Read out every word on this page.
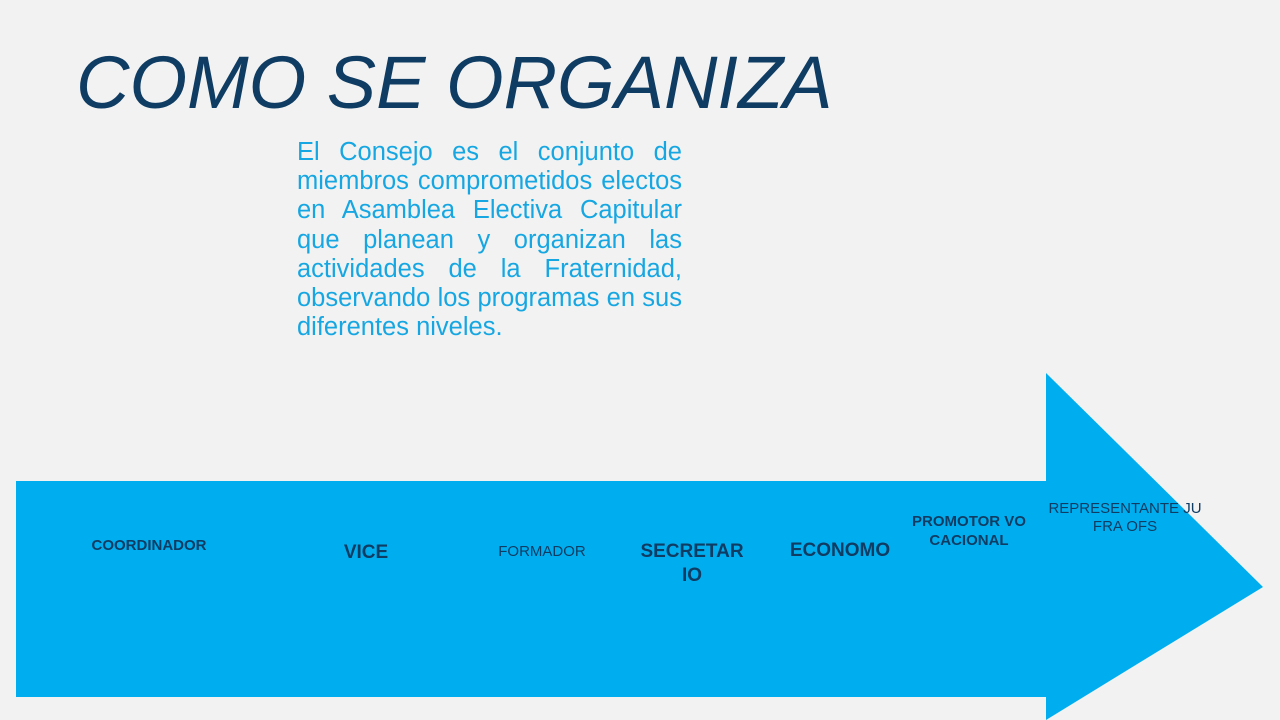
COMO SE ORGANIZA
El Consejo es el conjunto de miembros comprometidos electos en Asamblea Electiva Capitular que planean y organizan las actividades de la Fraternidad, observando los programas en sus diferentes niveles.
COORDINADOR	VICE	FORMADOR	SECRETARIO
ECONOMO
PROMOTOR VOCACIONAL
REPRESENTANTE JUFRA OFS
